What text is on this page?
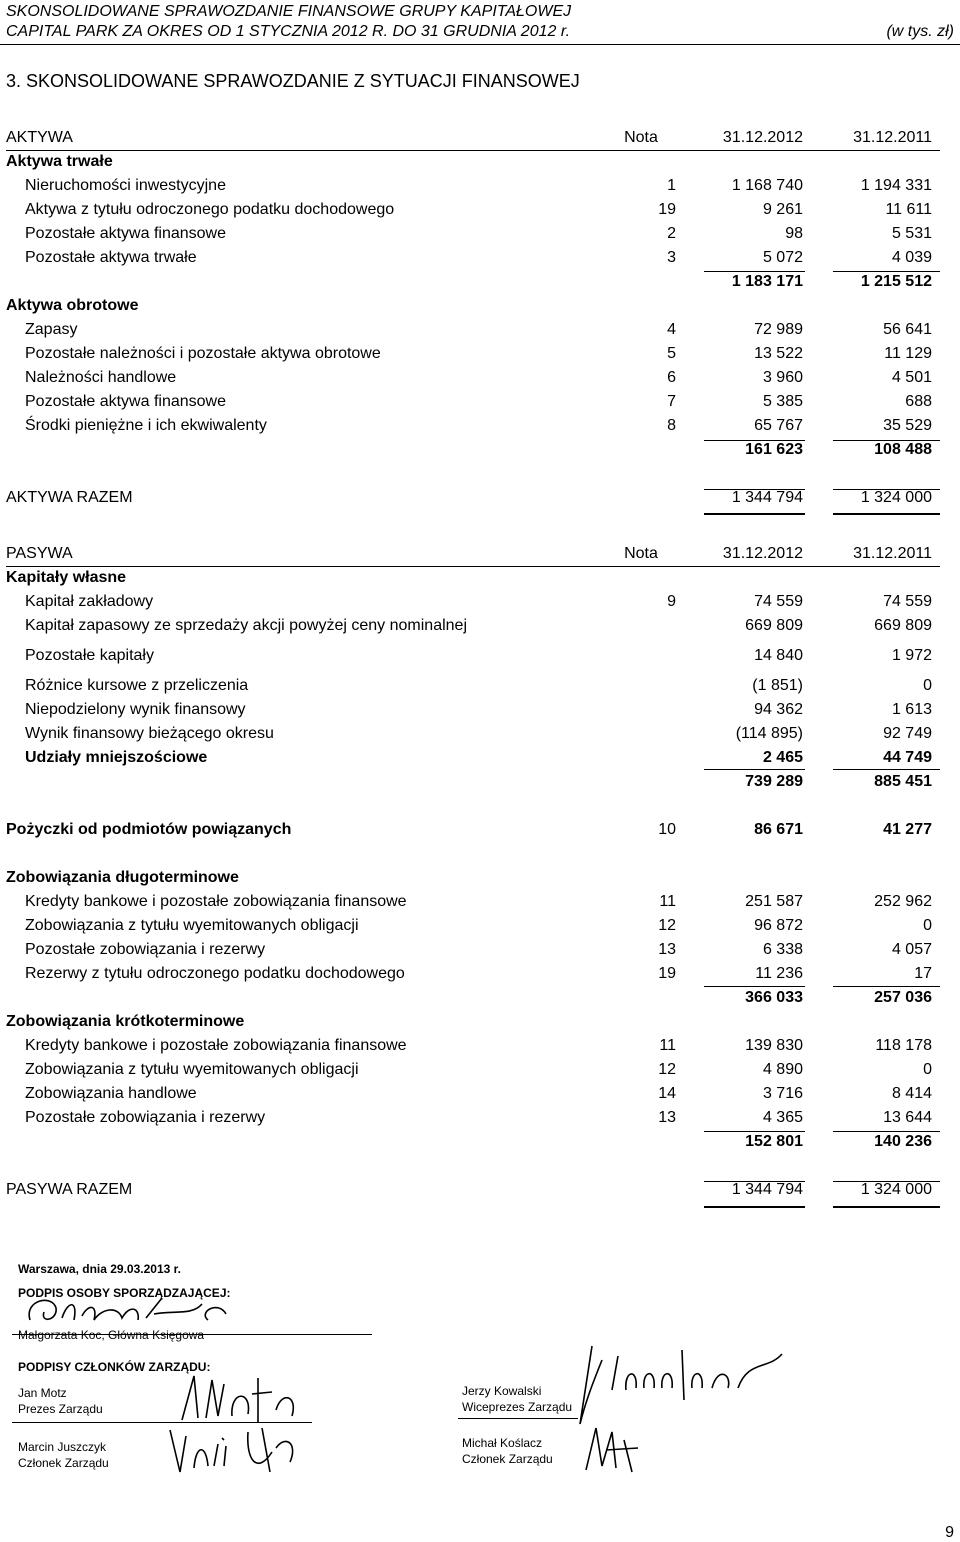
SKONSOLIDOWANE SPRAWOZDANIE FINANSOWE GRUPY KAPITAŁOWEJ
CAPITAL PARK ZA OKRES OD 1 STYCZNIA 2012 R. DO 31 GRUDNIA 2012 r.	(w tys. zł)
3. SKONSOLIDOWANE SPRAWOZDANIE Z SYTUACJI FINANSOWEJ
AKTYWA	Nota	31.12.2012	31.12.2011
Aktywa trwałe
Nieruchomości inwestycyjne	1	1 168 740	1 194 331
Aktywa z tytułu odroczonego podatku dochodowego	19	9 261	11 611
Pozostałe aktywa finansowe	2	98	5 531
Pozostałe aktywa trwałe	3	5 072	4 039
1 183 171	1 215 512
Aktywa obrotowe
Zapasy	4	72 989	56 641
Pozostałe należności i pozostałe aktywa obrotowe	5	13 522	11 129
Należności handlowe	6	3 960	4 501
Pozostałe aktywa finansowe	7	5 385	688
Środki pieniężne i ich ekwiwalenty	8	65 767	35 529
161 623	108 488
AKTYWA RAZEM	1 344 794	1 324 000
PASYWA	Nota	31.12.2012	31.12.2011
Kapitały własne
Kapitał zakładowy	9	74 559	74 559
Kapitał zapasowy ze sprzedaży akcji powyżej ceny nominalnej	669 809	669 809
Pozostałe kapitały	14 840	1 972
Różnice kursowe z przeliczenia	(1 851)	0
Niepodzielony wynik finansowy	94 362	1 613
Wynik finansowy bieżącego okresu	(114 895)	92 749
Udziały mniejszościowe	2 465	44 749
739 289	885 451
Pożyczki od podmiotów powiązanych	10	86 671	41 277
Zobowiązania długoterminowe
Kredyty bankowe i pozostałe zobowiązania finansowe	11	251 587	252 962
Zobowiązania z tytułu wyemitowanych obligacji	12	96 872	0
Pozostałe zobowiązania i rezerwy	13	6 338	4 057
Rezerwy z tytułu odroczonego podatku dochodowego	19	11 236	17
366 033	257 036
Zobowiązania krótkoterminowe
Kredyty bankowe i pozostałe zobowiązania finansowe	11	139 830	118 178
Zobowiązania z tytułu wyemitowanych obligacji	12	4 890	0
Zobowiązania handlowe	14	3 716	8 414
Pozostałe zobowiązania i rezerwy	13	4 365	13 644
152 801	140 236
PASYWA RAZEM	1 344 794	1 324 000
Warszawa, dnia 29.03.2013 r.
PODPIS OSOBY SPORZĄDZAJĄCEJ:
Małgorzata Koc, Główna Księgowa
PODPISY CZŁONKÓW ZARZĄDU:
Jan Motz
Prezes Zarządu
Marcin Juszczyk
Członek Zarządu
Jerzy Kowalski
Wiceprezes Zarządu
Michał Koślacz
Członek Zarządu
9
